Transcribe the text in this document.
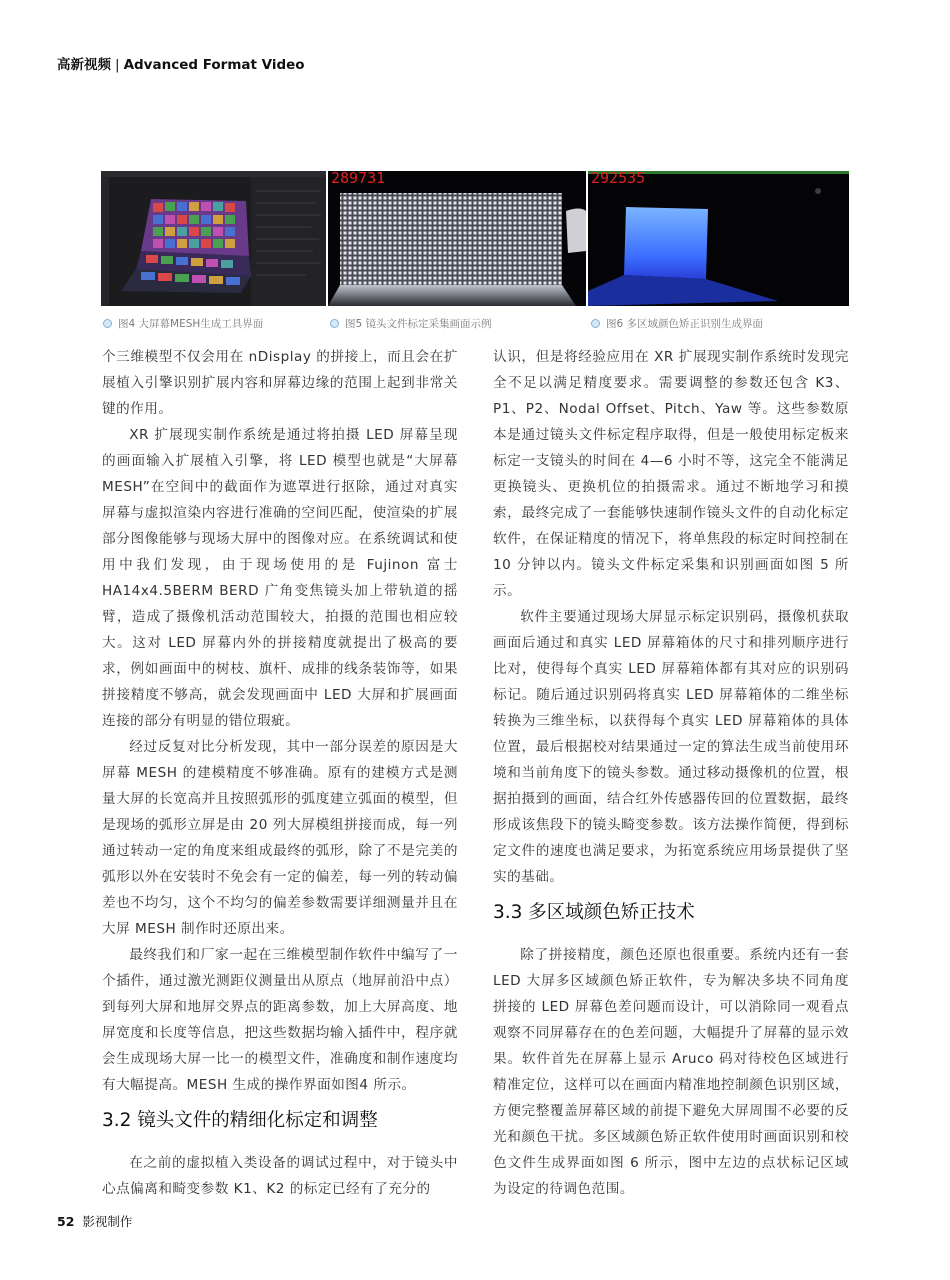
高新视频 | Advanced Format Video
289731	292535
图4 大屏幕MESH生成工具界面	图5 镜头文件标定采集画面示例	图6 多区域颜色矫正识别生成界面

个三维模型不仅会用在 nDisplay 的拼接上，而且会在扩展植入引擎识别扩展内容和屏幕边缘的范围上起到非常关键的作用。

XR 扩展现实制作系统是通过将拍摄 LED 屏幕呈现的画面输入扩展植入引擎，将 LED 模型也就是“大屏幕 MESH”在空间中的截面作为遮罩进行抠除，通过对真实屏幕与虚拟渲染内容进行准确的空间匹配，使渲染的扩展部分图像能够与现场大屏中的图像对应。在系统调试和使用中我们发现，由于现场使用的是 Fujinon 富士 HA14x4.5BERM BERD 广角变焦镜头加上带轨道的摇臂，造成了摄像机活动范围较大，拍摄的范围也相应较大。这对 LED 屏幕内外的拼接精度就提出了极高的要求，例如画面中的树枝、旗杆、成排的线条装饰等，如果拼接精度不够高，就会发现画面中 LED 大屏和扩展画面连接的部分有明显的错位瑕疵。

经过反复对比分析发现，其中一部分误差的原因是大屏幕 MESH 的建模精度不够准确。原有的建模方式是测量大屏的长宽高并且按照弧形的弧度建立弧面的模型，但是现场的弧形立屏是由 20 列大屏模组拼接而成，每一列通过转动一定的角度来组成最终的弧形，除了不是完美的弧形以外在安装时不免会有一定的偏差，每一列的转动偏差也不均匀，这个不均匀的偏差参数需要详细测量并且在大屏 MESH 制作时还原出来。

最终我们和厂家一起在三维模型制作软件中编写了一个插件，通过激光测距仪测量出从原点（地屏前沿中点）到每列大屏和地屏交界点的距离参数，加上大屏高度、地屏宽度和长度等信息，把这些数据均输入插件中，程序就会生成现场大屏一比一的模型文件，准确度和制作速度均有大幅提高。MESH 生成的操作界面如图4 所示。

3.2 镜头文件的精细化标定和调整

在之前的虚拟植入类设备的调试过程中，对于镜头中心点偏离和畸变参数 K1、K2 的标定已经有了充分的

认识，但是将经验应用在 XR 扩展现实制作系统时发现完全不足以满足精度要求。需要调整的参数还包含 K3、P1、P2、Nodal Offset、Pitch、Yaw 等。这些参数原本是通过镜头文件标定程序取得，但是一般使用标定板来标定一支镜头的时间在 4—6 小时不等，这完全不能满足更换镜头、更换机位的拍摄需求。通过不断地学习和摸索，最终完成了一套能够快速制作镜头文件的自动化标定软件，在保证精度的情况下，将单焦段的标定时间控制在 10 分钟以内。镜头文件标定采集和识别画面如图 5 所示。

软件主要通过现场大屏显示标定识别码，摄像机获取画面后通过和真实 LED 屏幕箱体的尺寸和排列顺序进行比对，使得每个真实 LED 屏幕箱体都有其对应的识别码标记。随后通过识别码将真实 LED 屏幕箱体的二维坐标转换为三维坐标，以获得每个真实 LED 屏幕箱体的具体位置，最后根据校对结果通过一定的算法生成当前使用环境和当前角度下的镜头参数。通过移动摄像机的位置，根据拍摄到的画面，结合红外传感器传回的位置数据，最终形成该焦段下的镜头畸变参数。该方法操作简便，得到标定文件的速度也满足要求，为拓宽系统应用场景提供了坚实的基础。

3.3 多区域颜色矫正技术

除了拼接精度，颜色还原也很重要。系统内还有一套 LED 大屏多区域颜色矫正软件，专为解决多块不同角度拼接的 LED 屏幕色差问题而设计，可以消除同一观看点观察不同屏幕存在的色差问题，大幅提升了屏幕的显示效果。软件首先在屏幕上显示 Aruco 码对待校色区域进行精准定位，这样可以在画面内精准地控制颜色识别区域，方便完整覆盖屏幕区域的前提下避免大屏周围不必要的反光和颜色干扰。多区域颜色矫正软件使用时画面识别和校色文件生成界面如图 6 所示，图中左边的点状标记区域为设定的待调色范围。

52 影视制作
